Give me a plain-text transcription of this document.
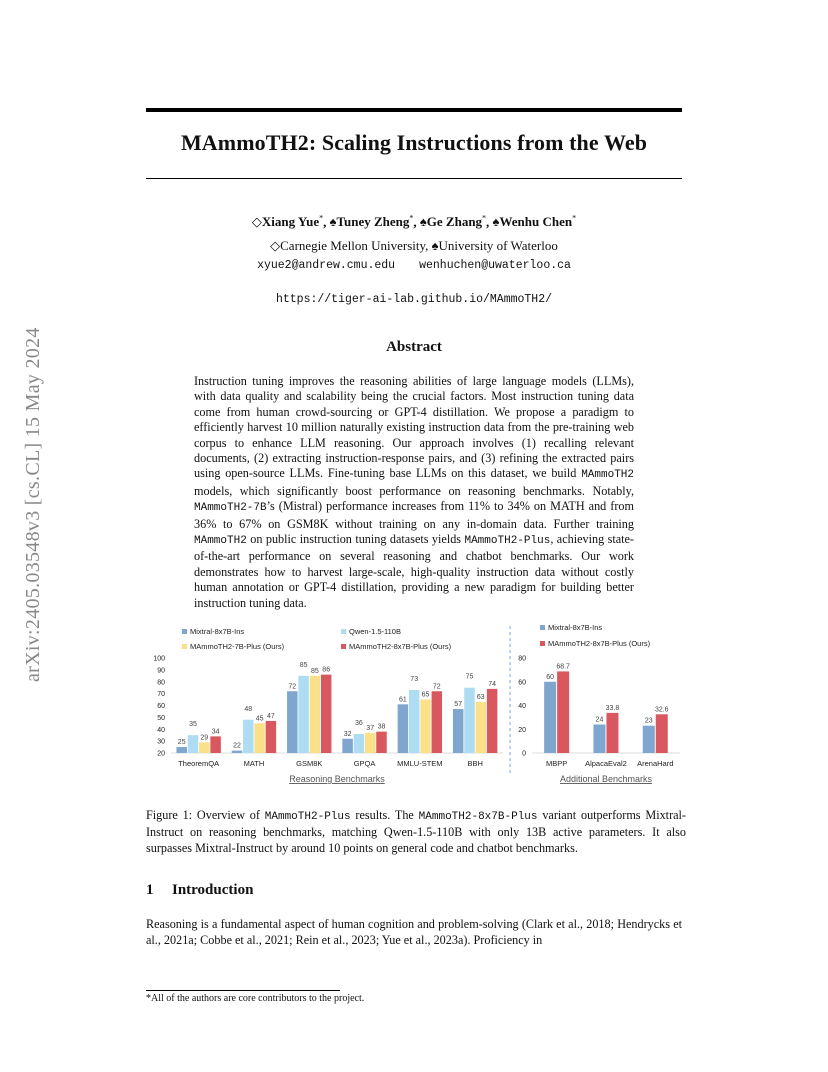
MAmmoTH2: Scaling Instructions from the Web
◇Xiang Yue*, ♠Tuney Zheng*, ♠Ge Zhang*, ♠Wenhu Chen*
◇Carnegie Mellon University, ♠University of Waterloo
xyue2@andrew.cmu.edu wenhuchen@uwaterloo.ca
https://tiger-ai-lab.github.io/MAmmoTH2/
Abstract
Instruction tuning improves the reasoning abilities of large language models (LLMs), with data quality and scalability being the crucial factors. Most instruction tuning data come from human crowd-sourcing or GPT-4 distillation. We propose a paradigm to efficiently harvest 10 million naturally existing instruction data from the pre-training web corpus to enhance LLM reasoning. Our approach involves (1) recalling relevant documents, (2) extracting instruction-response pairs, and (3) refining the extracted pairs using open-source LLMs. Fine-tuning base LLMs on this dataset, we build MAmmoTH2 models, which significantly boost performance on reasoning benchmarks. Notably, MAmmoTH2-7B’s (Mistral) performance increases from 11% to 34% on MATH and from 36% to 67% on GSM8K without training on any in-domain data. Further training MAmmoTH2 on public instruction tuning datasets yields MAmmoTH2-Plus, achieving state-of-the-art performance on several reasoning and chatbot benchmarks. Our work demonstrates how to harvest large-scale, high-quality instruction data without costly human annotation or GPT-4 distillation, providing a new paradigm for building better instruction tuning data.
arXiv:2405.03548v3 [cs.CL] 15 May 2024
20
30
40
50
60
70
80
90
100
25
35
29
34
TheoremQA
22
48
45 47
MATH
72
85
85 86
GSM8K
32
36
37 38
GPQA
61
73
65
72
MMLU-STEM
57
75
63
74
BBH
Reasoning Benchmarks
Mixtral-8x7B-Ins	Qwen-1.5-110B
MAmmoTH2-7B-Plus (Ours)	MAmmoTH2-8x7B-Plus (Ours)
0
20
40
60
80
60
68.7
MBPP
24
33.8
AlpacaEval2
23
32.6
ArenaHard
Additional Benchmarks
Mixtral-8x7B-Ins
MAmmoTH2-8x7B-Plus (Ours)
Figure 1: Overview of MAmmoTH2-Plus results. The MAmmoTH2-8x7B-Plus variant outperforms Mixtral-Instruct on reasoning benchmarks, matching Qwen-1.5-110B with only 13B active parameters. It also surpasses Mixtral-Instruct by around 10 points on general code and chatbot benchmarks.
1 Introduction
Reasoning is a fundamental aspect of human cognition and problem-solving (Clark et al., 2018; Hendrycks et al., 2021a; Cobbe et al., 2021; Rein et al., 2023; Yue et al., 2023a). Proficiency in
*All of the authors are core contributors to the project.
